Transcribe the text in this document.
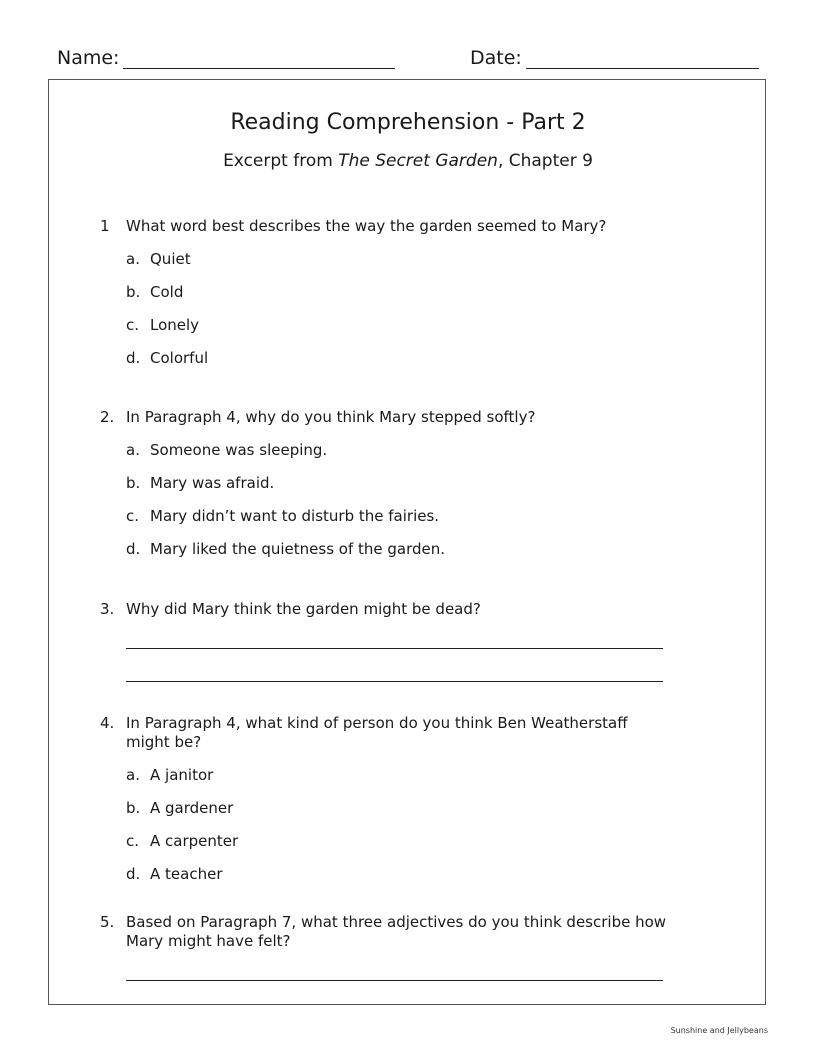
Name:	Date:
Reading Comprehension - Part 2
Excerpt from The Secret Garden, Chapter 9
1	What word best describes the way the garden seemed to Mary?
a. Quiet
b. Cold
c. Lonely
d. Colorful
2. In Paragraph 4, why do you think Mary stepped softly?
a. Someone was sleeping.
b. Mary was afraid.
c. Mary didn’t want to disturb the fairies.
d. Mary liked the quietness of the garden.
3. Why did Mary think the garden might be dead?
4. In Paragraph 4, what kind of person do you think Ben Weatherstaff might be?
a. A janitor
b. A gardener
c. A carpenter
d. A teacher
5. Based on Paragraph 7, what three adjectives do you think describe how Mary might have felt?
Sunshine and Jellybeans
